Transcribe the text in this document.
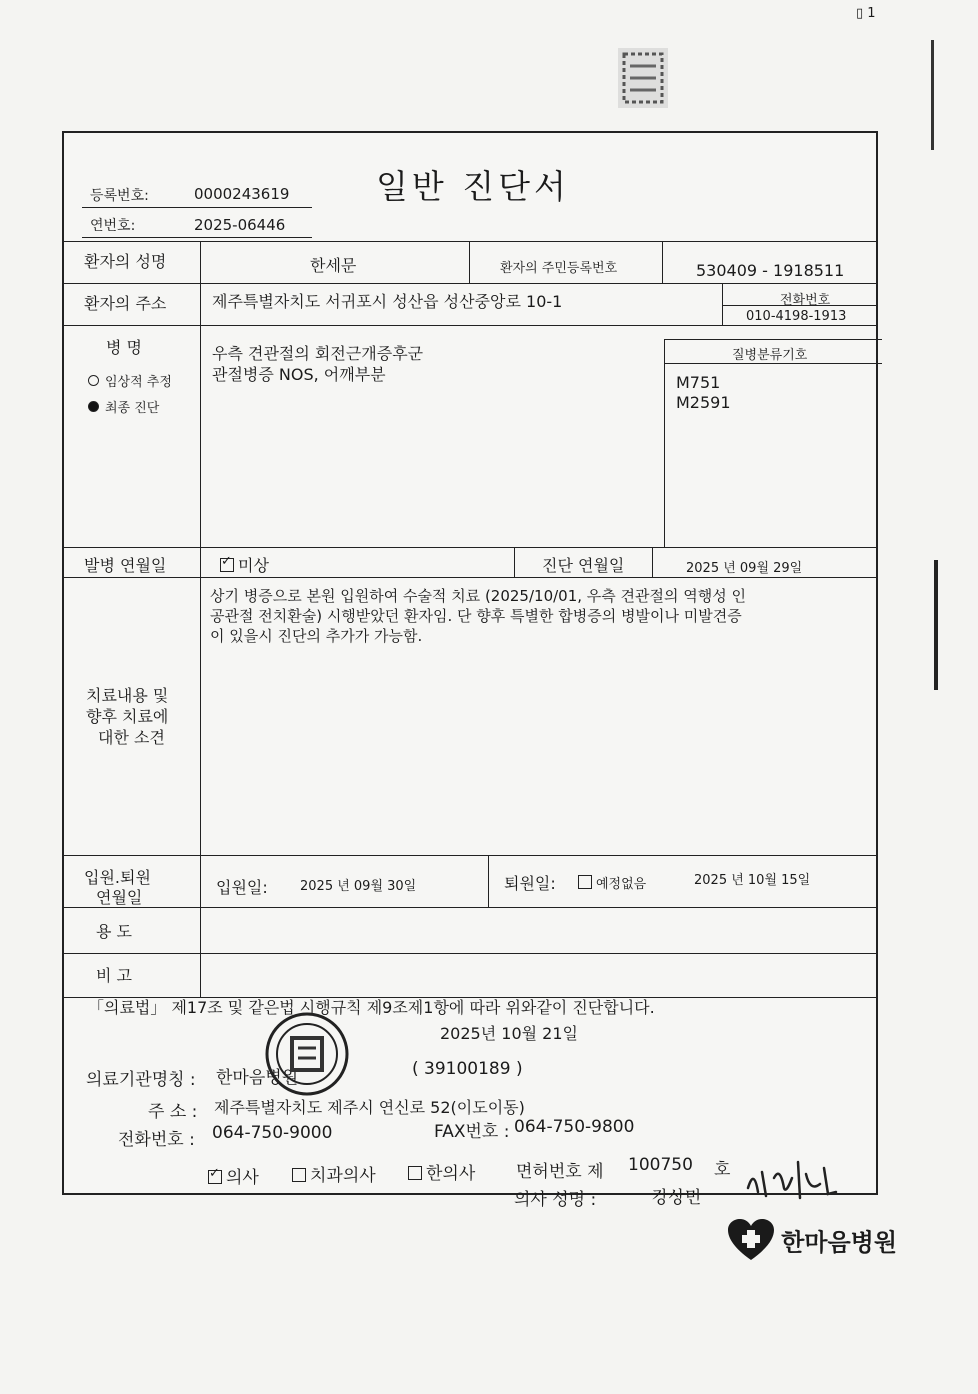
▯ 1
일반 진단서
등록번호:	0000243619
연번호:	2025-06446
환자의 성명	한세문	환자의 주민등록번호	530409 - 1918511
환자의 주소	제주특별자치도 서귀포시 성산읍 성산중앙로 10-1	전화번호
010-4198-1913
병 명
임상적 추정
최종 진단
우측 견관절의 회전근개증후군
관절병증 NOS, 어깨부분
질병분류기호
M751
M2591
발병 연월일
✓	미상	진단 연월일	2025 년 09월 29일
치료내용 및
향후 치료에
대한 소견
상기 병증으로 본원 입원하여 수술적 치료 (2025/10/01, 우측 견관절의 역행성 인
공관절 전치환술) 시행받았던 환자임. 단 향후 특별한 합병증의 병발이나 미발견증
이 있을시 진단의 추가가 가능함.
입원.퇴원
연월일
입원일: 2025 년 09월 30일	퇴원일:	예정없음	2025 년 10월 15일
용 도
비 고
「의료법」 제17조 및 같은법 시행규칙 제9조제1항에 따라 위와같이 진단합니다.
2025년 10월 21일
의료기관명칭 : 한마음병원	( 39100189 )
주 소 : 제주특별자치도 제주시 연신로 52(이도이동)
전화번호 : 064-750-9000	FAX번호 : 064-750-9800
✓의사	치과의사	한의사 면허번호 제 100750 호
의사 성명 :	강상민
한마음병원
